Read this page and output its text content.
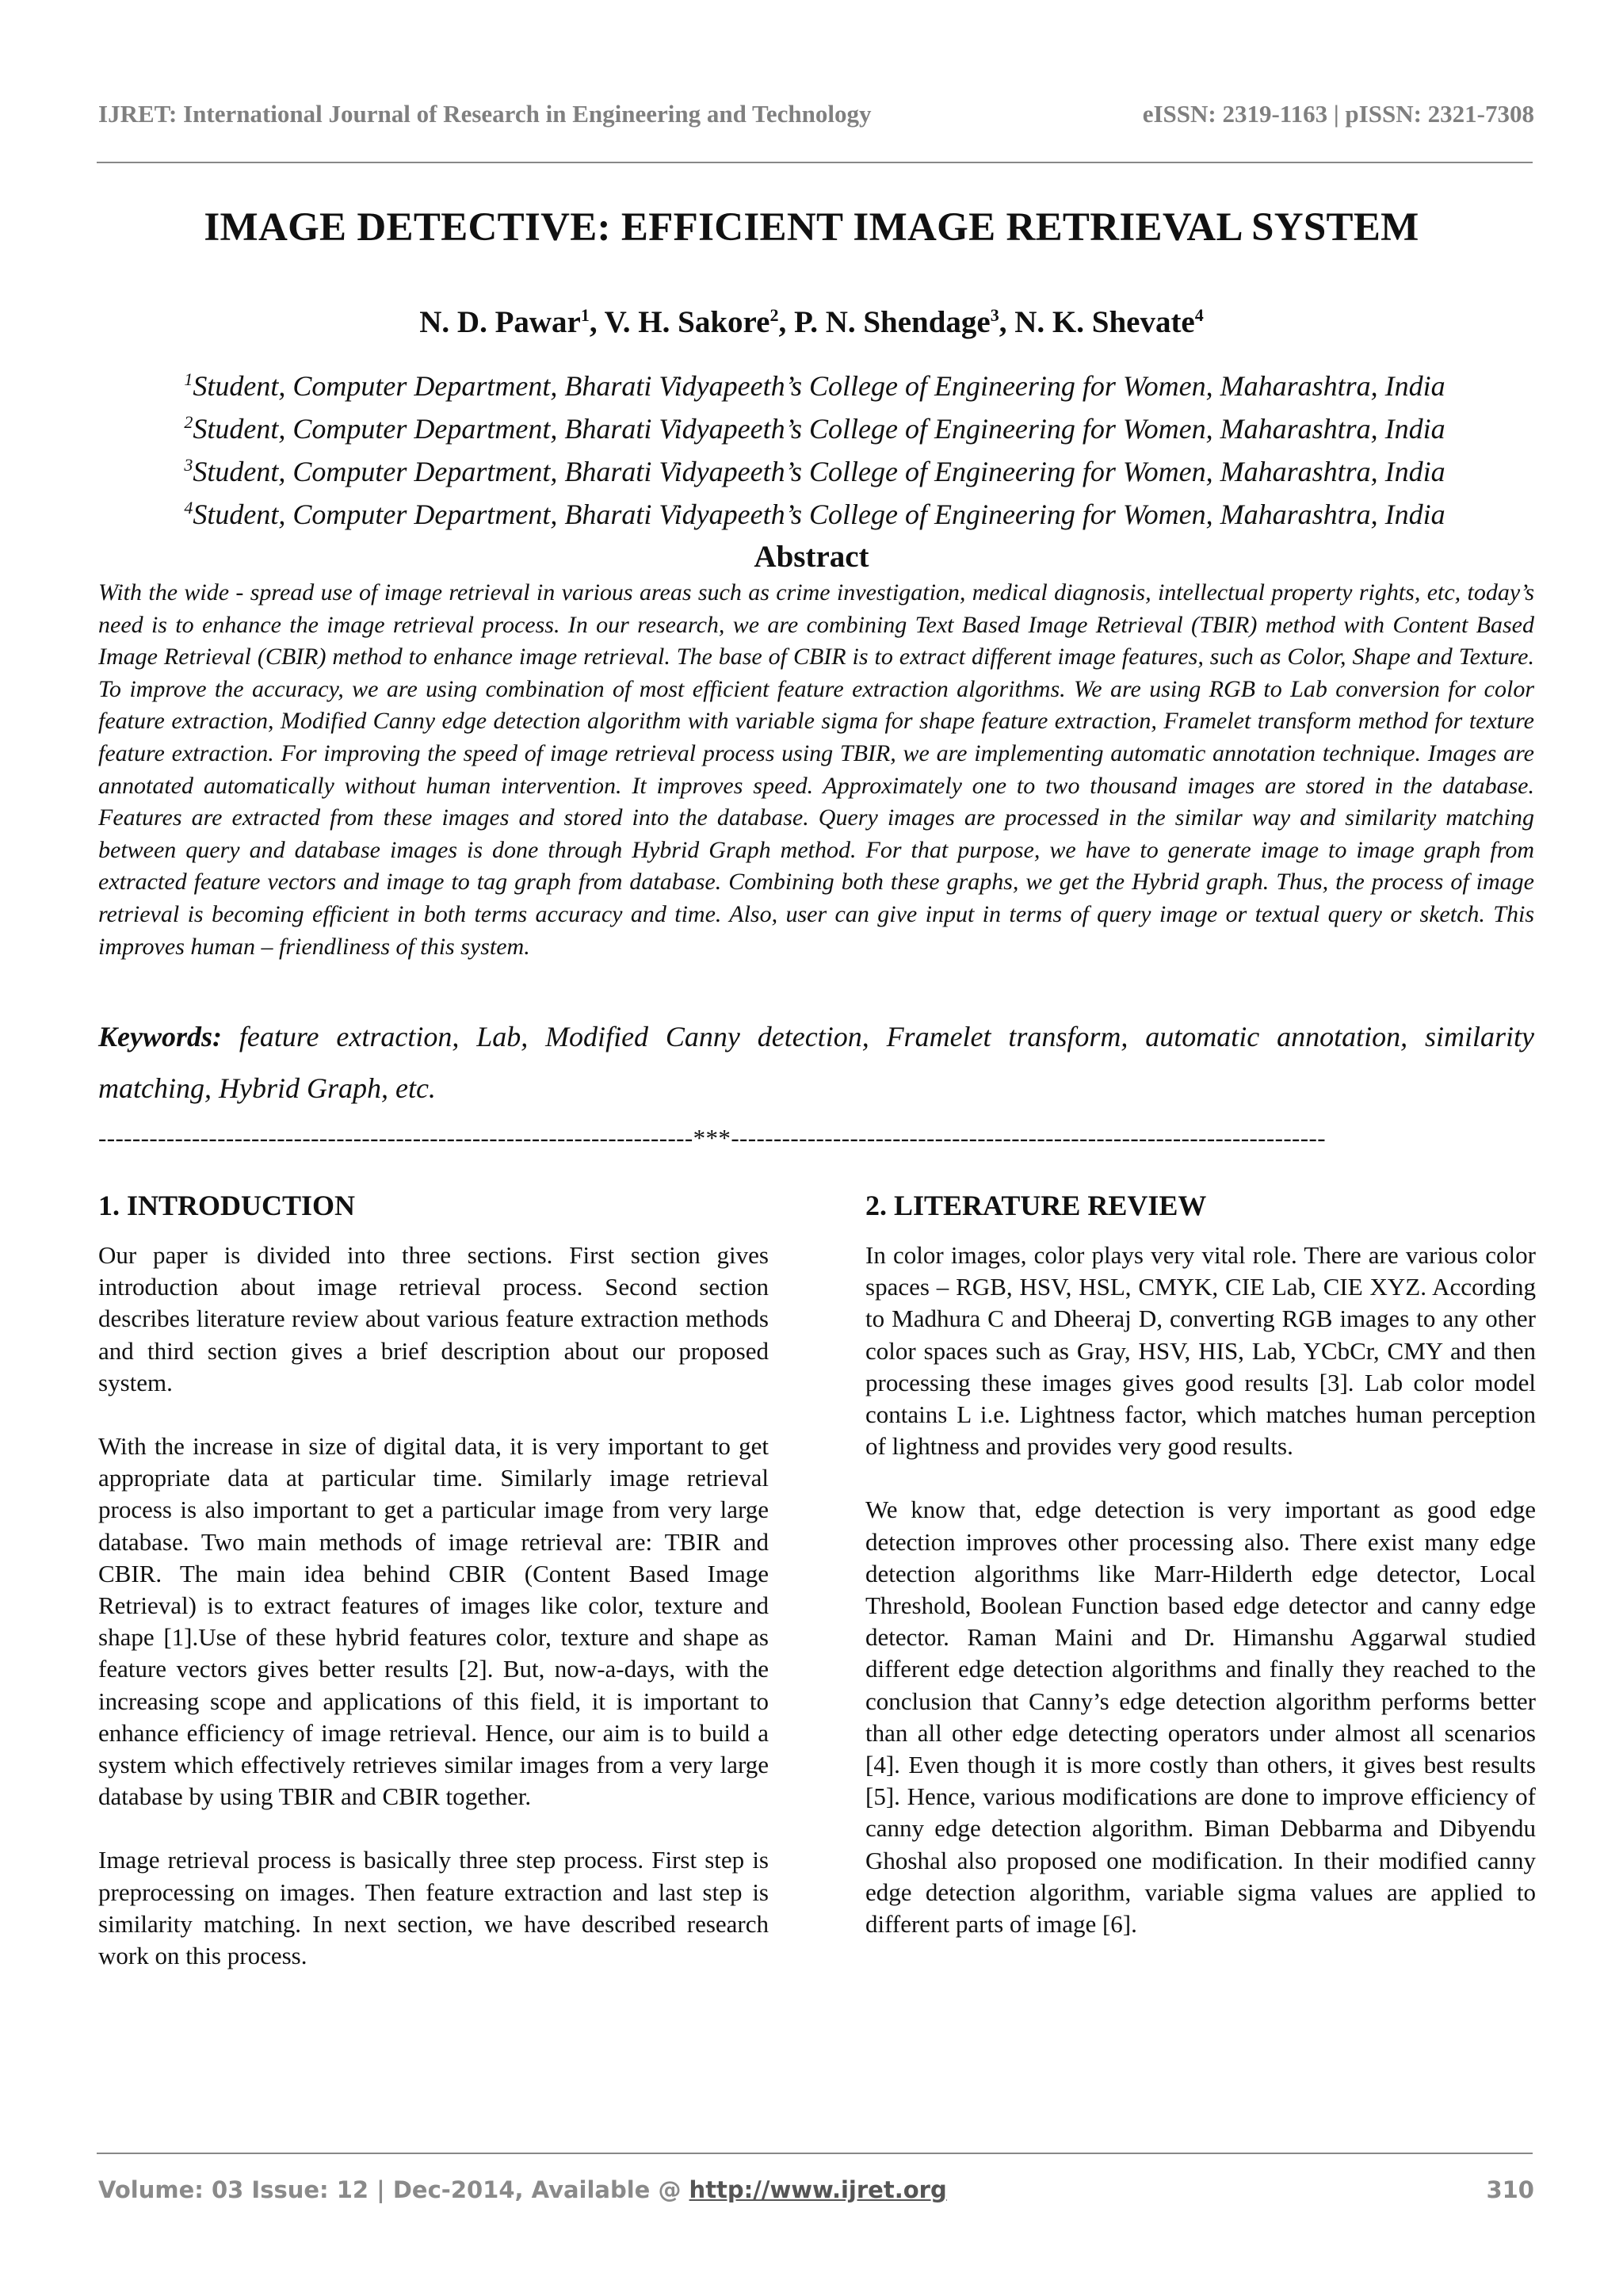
IJRET: International Journal of Research in Engineering and Technology	eISSN: 2319-1163 | pISSN: 2321-7308
IMAGE DETECTIVE: EFFICIENT IMAGE RETRIEVAL SYSTEM
N. D. Pawar$^1$, V. H. Sakore$^2$, P. N. Shendage$^3$, N. K. Shevate$^4$
$^1$Student, Computer Department, Bharati Vidyapeeth’s College of Engineering for Women, Maharashtra, India
$^2$Student, Computer Department, Bharati Vidyapeeth’s College of Engineering for Women, Maharashtra, India
$^3$Student, Computer Department, Bharati Vidyapeeth’s College of Engineering for Women, Maharashtra, India
$^4$Student, Computer Department, Bharati Vidyapeeth’s College of Engineering for Women, Maharashtra, India
Abstract
With the wide - spread use of image retrieval in various areas such as crime investigation, medical diagnosis, intellectual property rights, etc, today’s need is to enhance the image retrieval process. In our research, we are combining Text Based Image Retrieval (TBIR) method with Content Based Image Retrieval (CBIR) method to enhance image retrieval. The base of CBIR is to extract different image features, such as Color, Shape and Texture. To improve the accuracy, we are using combination of most efficient feature extraction algorithms. We are using RGB to Lab conversion for color feature extraction, Modified Canny edge detection algorithm with variable sigma for shape feature extraction, Framelet transform method for texture feature extraction. For improving the speed of image retrieval process using TBIR, we are implementing automatic annotation technique. Images are annotated automatically without human intervention. It improves speed. Approximately one to two thousand images are stored in the database. Features are extracted from these images and stored into the database. Query images are processed in the similar way and similarity matching between query and database images is done through Hybrid Graph method. For that purpose, we have to generate image to image graph from extracted feature vectors and image to tag graph from database. Combining both these graphs, we get the Hybrid graph. Thus, the process of image retrieval is becoming efficient in both terms accuracy and time. Also, user can give input in terms of query image or textual query or sketch. This improves human – friendliness of this system.
Keywords: feature extraction, Lab, Modified Canny detection, Framelet transform, automatic annotation, similarity matching, Hybrid Graph, etc.
----------------------------------------------------------------------***----------------------------------------------------------------------
1. INTRODUCTION

Our paper is divided into three sections. First section gives introduction about image retrieval process. Second section describes literature review about various feature extraction methods and third section gives a brief description about our proposed system.

With the increase in size of digital data, it is very important to get appropriate data at particular time. Similarly image retrieval process is also important to get a particular image from very large database. Two main methods of image retrieval are: TBIR and CBIR. The main idea behind CBIR (Content Based Image Retrieval) is to extract features of images like color, texture and shape [1].Use of these hybrid features color, texture and shape as feature vectors gives better results [2]. But, now-a-days, with the increasing scope and applications of this field, it is important to enhance efficiency of image retrieval. Hence, our aim is to build a system which effectively retrieves similar images from a very large database by using TBIR and CBIR together.

Image retrieval process is basically three step process. First step is preprocessing on images. Then feature extraction and last step is similarity matching. In next section, we have described research work on this process.

2. LITERATURE REVIEW

In color images, color plays very vital role. There are various color spaces – RGB, HSV, HSL, CMYK, CIE Lab, CIE XYZ. According to Madhura C and Dheeraj D, converting RGB images to any other color spaces such as Gray, HSV, HIS, Lab, YCbCr, CMY and then processing these images gives good results [3]. Lab color model contains L i.e. Lightness factor, which matches human perception of lightness and provides very good results.

We know that, edge detection is very important as good edge detection improves other processing also. There exist many edge detection algorithms like Marr-Hilderth edge detector, Local Threshold, Boolean Function based edge detector and canny edge detector. Raman Maini and Dr. Himanshu Aggarwal studied different edge detection algorithms and finally they reached to the conclusion that Canny’s edge detection algorithm performs better than all other edge detecting operators under almost all scenarios [4]. Even though it is more costly than others, it gives best results [5]. Hence, various modifications are done to improve efficiency of canny edge detection algorithm. Biman Debbarma and Dibyendu Ghoshal also proposed one modification. In their modified canny edge detection algorithm, variable sigma values are applied to different parts of image [6].

Volume: 03 Issue: 12 | Dec-2014, Available @ http://www.ijret.org	310
